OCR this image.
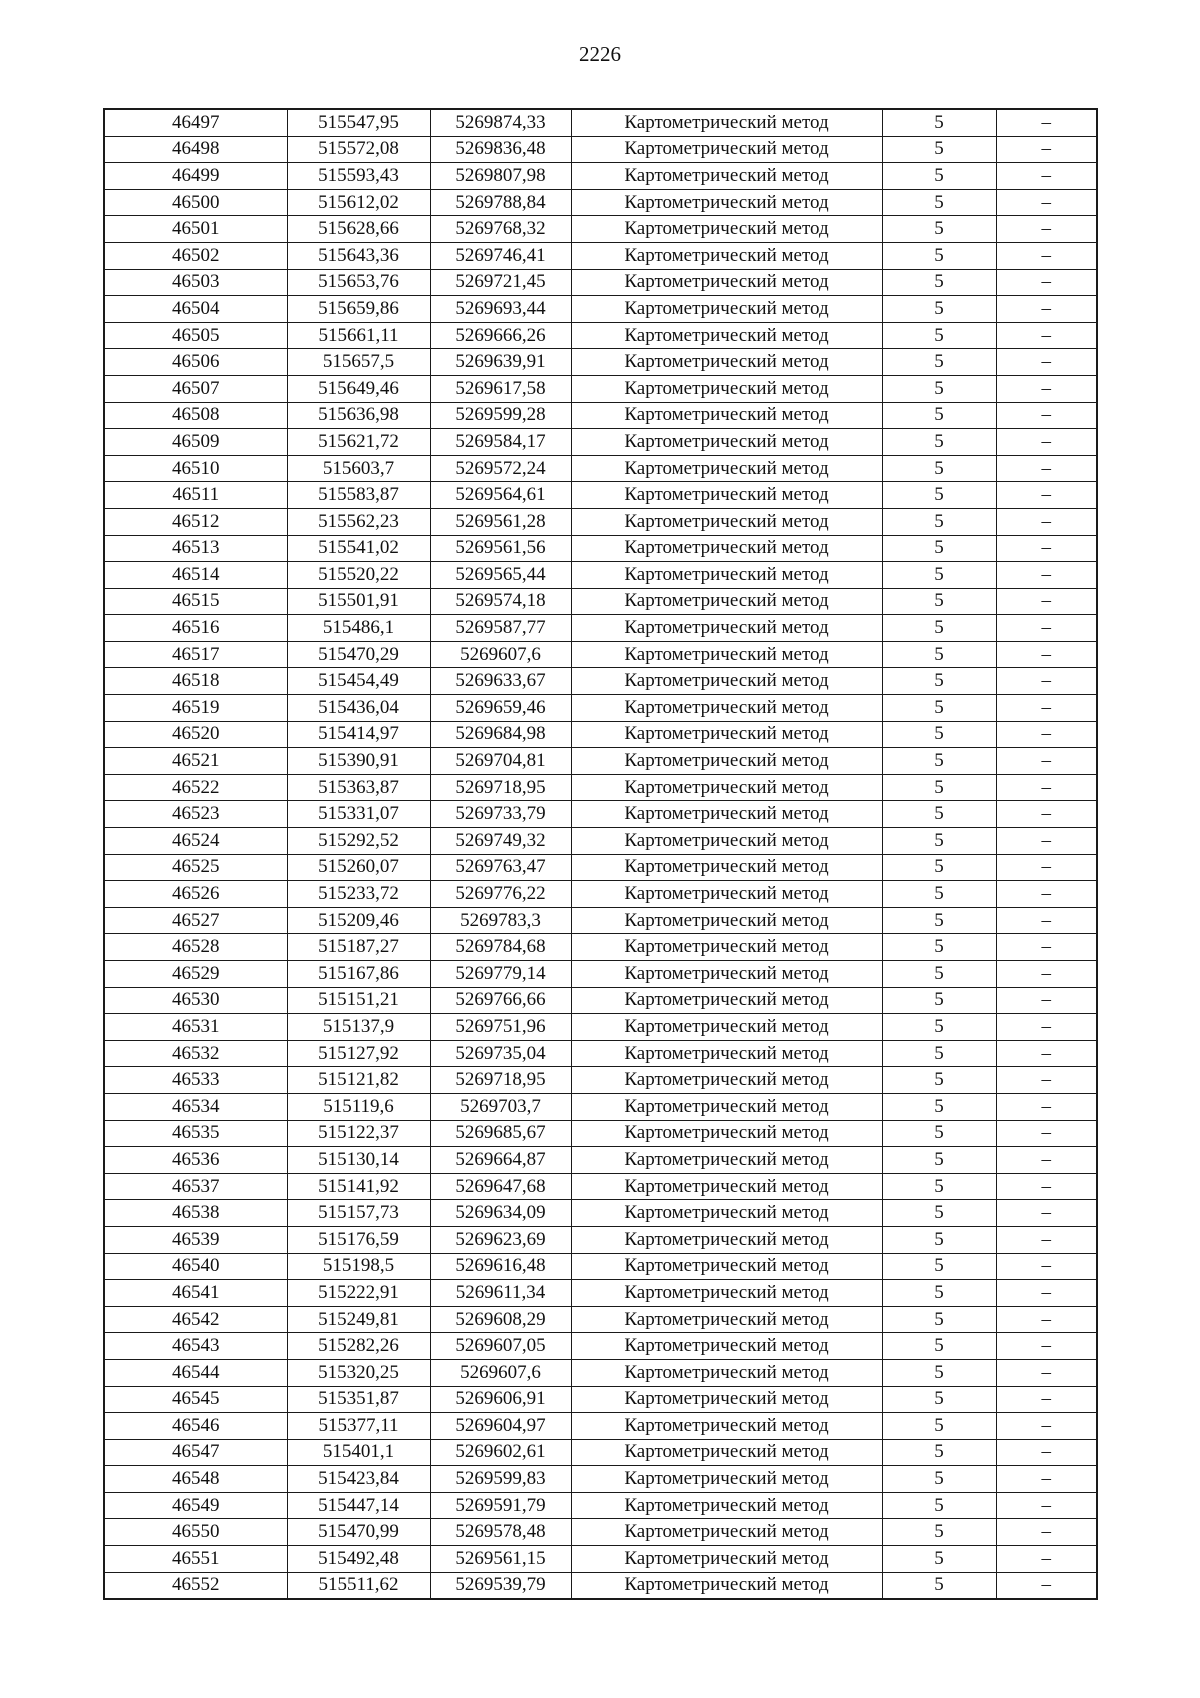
2226
46497	515547,95	5269874,33	Картометрический метод	5	–
46498	515572,08	5269836,48	Картометрический метод	5	–
46499	515593,43	5269807,98	Картометрический метод	5	–
46500	515612,02	5269788,84	Картометрический метод	5	–
46501	515628,66	5269768,32	Картометрический метод	5	–
46502	515643,36	5269746,41	Картометрический метод	5	–
46503	515653,76	5269721,45	Картометрический метод	5	–
46504	515659,86	5269693,44	Картометрический метод	5	–
46505	515661,11	5269666,26	Картометрический метод	5	–
46506	515657,5	5269639,91	Картометрический метод	5	–
46507	515649,46	5269617,58	Картометрический метод	5	–
46508	515636,98	5269599,28	Картометрический метод	5	–
46509	515621,72	5269584,17	Картометрический метод	5	–
46510	515603,7	5269572,24	Картометрический метод	5	–
46511	515583,87	5269564,61	Картометрический метод	5	–
46512	515562,23	5269561,28	Картометрический метод	5	–
46513	515541,02	5269561,56	Картометрический метод	5	–
46514	515520,22	5269565,44	Картометрический метод	5	–
46515	515501,91	5269574,18	Картометрический метод	5	–
46516	515486,1	5269587,77	Картометрический метод	5	–
46517	515470,29	5269607,6	Картометрический метод	5	–
46518	515454,49	5269633,67	Картометрический метод	5	–
46519	515436,04	5269659,46	Картометрический метод	5	–
46520	515414,97	5269684,98	Картометрический метод	5	–
46521	515390,91	5269704,81	Картометрический метод	5	–
46522	515363,87	5269718,95	Картометрический метод	5	–
46523	515331,07	5269733,79	Картометрический метод	5	–
46524	515292,52	5269749,32	Картометрический метод	5	–
46525	515260,07	5269763,47	Картометрический метод	5	–
46526	515233,72	5269776,22	Картометрический метод	5	–
46527	515209,46	5269783,3	Картометрический метод	5	–
46528	515187,27	5269784,68	Картометрический метод	5	–
46529	515167,86	5269779,14	Картометрический метод	5	–
46530	515151,21	5269766,66	Картометрический метод	5	–
46531	515137,9	5269751,96	Картометрический метод	5	–
46532	515127,92	5269735,04	Картометрический метод	5	–
46533	515121,82	5269718,95	Картометрический метод	5	–
46534	515119,6	5269703,7	Картометрический метод	5	–
46535	515122,37	5269685,67	Картометрический метод	5	–
46536	515130,14	5269664,87	Картометрический метод	5	–
46537	515141,92	5269647,68	Картометрический метод	5	–
46538	515157,73	5269634,09	Картометрический метод	5	–
46539	515176,59	5269623,69	Картометрический метод	5	–
46540	515198,5	5269616,48	Картометрический метод	5	–
46541	515222,91	5269611,34	Картометрический метод	5	–
46542	515249,81	5269608,29	Картометрический метод	5	–
46543	515282,26	5269607,05	Картометрический метод	5	–
46544	515320,25	5269607,6	Картометрический метод	5	–
46545	515351,87	5269606,91	Картометрический метод	5	–
46546	515377,11	5269604,97	Картометрический метод	5	–
46547	515401,1	5269602,61	Картометрический метод	5	–
46548	515423,84	5269599,83	Картометрический метод	5	–
46549	515447,14	5269591,79	Картометрический метод	5	–
46550	515470,99	5269578,48	Картометрический метод	5	–
46551	515492,48	5269561,15	Картометрический метод	5	–
46552	515511,62	5269539,79	Картометрический метод	5	–
